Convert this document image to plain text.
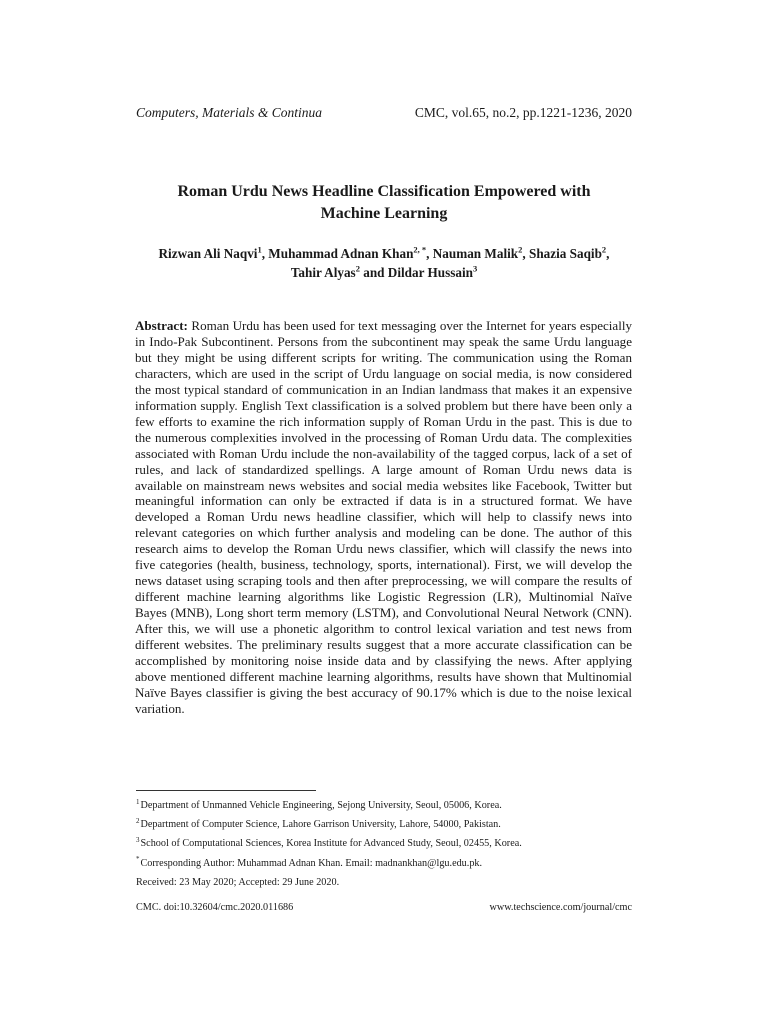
Computers, Materials & Continua	CMC, vol.65, no.2, pp.1221-1236, 2020
Roman Urdu News Headline Classification Empowered with
Machine Learning
Rizwan Ali Naqvi$^1$, Muhammad Adnan Khan$^{2, *}$, Nauman Malik$^2$, Shazia Saqib$^2$,
Tahir Alyas$^2$ and Dildar Hussain$^3$
Abstract: Roman Urdu has been used for text messaging over the Internet for years especially in Indo-Pak Subcontinent. Persons from the subcontinent may speak the same Urdu language but they might be using different scripts for writing. The communication using the Roman characters, which are used in the script of Urdu language on social media, is now considered the most typical standard of communication in an Indian landmass that makes it an expensive information supply. English Text classification is a solved problem but there have been only a few efforts to examine the rich information supply of Roman Urdu in the past. This is due to the numerous complexities involved in the processing of Roman Urdu data. The complexities associated with Roman Urdu include the non-availability of the tagged corpus, lack of a set of rules, and lack of standardized spellings. A large amount of Roman Urdu news data is available on mainstream news websites and social media websites like Facebook, Twitter but meaningful information can only be extracted if data is in a structured format. We have developed a Roman Urdu news headline classifier, which will help to classify news into relevant categories on which further analysis and modeling can be done. The author of this research aims to develop the Roman Urdu news classifier, which will classify the news into five categories (health, business, technology, sports, international). First, we will develop the news dataset using scraping tools and then after preprocessing, we will compare the results of different machine learning algorithms like Logistic Regression (LR), Multinomial Naïve Bayes (MNB), Long short term memory (LSTM), and Convolutional Neural Network (CNN). After this, we will use a phonetic algorithm to control lexical variation and test news from different websites. The preliminary results suggest that a more accurate classification can be accomplished by monitoring noise inside data and by classifying the news. After applying above mentioned different machine learning algorithms, results have shown that Multinomial Naïve Bayes classifier is giving the best accuracy of 90.17% which is due to the noise lexical variation.
$^1$Department of Unmanned Vehicle Engineering, Sejong University, Seoul, 05006, Korea.
$^2$Department of Computer Science, Lahore Garrison University, Lahore, 54000, Pakistan.
$^3$School of Computational Sciences, Korea Institute for Advanced Study, Seoul, 02455, Korea.
*Corresponding Author: Muhammad Adnan Khan. Email: madnankhan@lgu.edu.pk.
Received: 23 May 2020; Accepted: 29 June 2020.
CMC. doi:10.32604/cmc.2020.011686	www.techscience.com/journal/cmc
